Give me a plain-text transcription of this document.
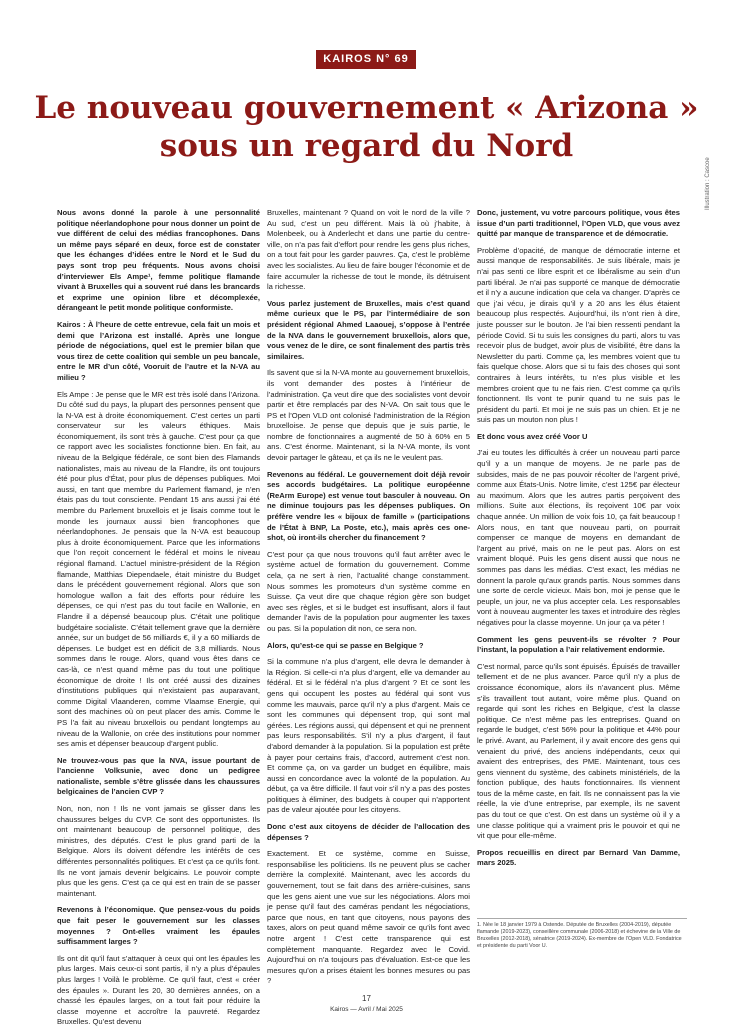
KAIROS N° 69
Le nouveau gouvernement « Arizona »
sous un regard du Nord
Illustration : Cascoe

Nous avons donné la parole à une personnalité politique néerlandophone pour nous donner un point de vue différent de celui des médias francophones. Dans un même pays séparé en deux, force est de constater que les échanges d’idées entre le Nord et le Sud du pays sont trop peu fréquents. Nous avons choisi d’interviewer Els Ampe¹, femme politique flamande vivant à Bruxelles qui a souvent rué dans les brancards et exprime une opinion libre et décomplexée, dérangeant le petit monde politique conformiste.

Kairos : À l’heure de cette entrevue, cela fait un mois et demi que l’Arizona est installé. Après une longue période de négociations, quel est le premier bilan que vous tirez de cette coalition qui semble un peu bancale, entre le MR d’un côté, Vooruit de l’autre et la N-VA au milieu ?

Els Ampe : Je pense que le MR est très isolé dans l’Arizona. Du côté sud du pays, la plupart des personnes pensent que la N-VA est à droite économiquement. C’est certes un parti conservateur sur les valeurs éthiques. Mais économiquement, ils sont très à gauche. C’est pour ça que ce rapport avec les socialistes fonctionne bien. En fait, au niveau de la Belgique fédérale, ce sont bien des Flamands nationalistes, mais au niveau de la Flandre, ils ont toujours été pour plus d’État, pour plus de dépenses publiques. Moi aussi, en tant que membre du Parlement flamand, je n’en étais pas du tout consciente. Pendant 15 ans aussi j’ai été membre du Parlement bruxellois et je lisais comme tout le monde les journaux aussi bien francophones que néerlandophones. Je pensais que la N-VA est beaucoup plus à droite économiquement. Parce que les informations que l’on reçoit concernent le fédéral et moins le niveau régional flamand. L’actuel ministre-président de la Région flamande, Matthias Diependaele, était ministre du Budget dans le précédent gouvernement régional. Alors que son homologue wallon a fait des efforts pour réduire les dépenses, ce qui n’est pas du tout facile en Wallonie, en Flandre il a dépensé beaucoup plus. C’était une politique budgétaire socialiste. C’était tellement grave que la dernière année, sur un budget de 56 milliards €, il y a 60 milliards de dépenses. Le budget est en déficit de 3,8 milliards. Nous sommes dans le rouge. Alors, quand vous êtes dans ce cas-là, ce n’est quand même pas du tout une politique économique de droite ! Ils ont créé aussi des dizaines d’institutions publiques qui n’existaient pas auparavant, comme Digital Vlaanderen, comme Vlaamse Energie, qui sont des machines où on peut placer des amis. Comme le PS l’a fait au niveau bruxellois ou pendant longtemps au niveau de la Wallonie, on crée des institutions pour nommer ses amis et dépenser beaucoup d’argent public.

Ne trouvez-vous pas que la NVA, issue pourtant de l’ancienne Volksunie, avec donc un pedigree nationaliste, semble s’être glissée dans les chaussures belgicaines de l’ancien CVP ?

Non, non, non ! Ils ne vont jamais se glisser dans les chaussures belges du CVP. Ce sont des opportunistes. Ils ont maintenant beaucoup de personnel politique, des ministres, des députés. C’est le plus grand parti de la Belgique. Alors ils doivent défendre les intérêts de ces différentes personnalités politiques. Et c’est ça ce qu’ils font. Ils ne vont jamais devenir belgicains. Le pouvoir compte plus que les gens. C’est ça ce qui est en train de se passer maintenant.

Revenons à l’économique. Que pensez-vous du poids que fait peser le gouvernement sur les classes moyennes ? Ont-elles vraiment les épaules suffisamment larges ?

Ils ont dit qu’il faut s’attaquer à ceux qui ont les épaules les plus larges. Mais ceux-ci sont partis, il n’y a plus d’épaules plus larges ! Voilà le problème. Ce qu’il faut, c’est « créer des épaules ». Durant les 20, 30 dernières années, on a chassé les épaules larges, on a tout fait pour réduire la classe moyenne et accroître la pauvreté. Regardez Bruxelles. Qu’est devenu

Bruxelles, maintenant ? Quand on voit le nord de la ville ? Au sud, c’est un peu différent. Mais là où j’habite, à Molenbeek, ou à Anderlecht et dans une partie du centre-ville, on n’a pas fait d’effort pour rendre les gens plus riches, on a tout fait pour les garder pauvres. Ça, c’est le problème avec les socialistes. Au lieu de faire bouger l’économie et de faire accumuler la richesse de tout le monde, ils détruisent la richesse.

Vous parlez justement de Bruxelles, mais c’est quand même curieux que le PS, par l’intermédiaire de son président régional Ahmed Laaouej, s’oppose à l’entrée de la NVA dans le gouvernement bruxellois, alors que, vous venez de le dire, ce sont finalement des partis très similaires.

Ils savent que si la N-VA monte au gouvernement bruxellois, ils vont demander des postes à l’intérieur de l’administration. Ça veut dire que des socialistes vont devoir partir et être remplacés par des N-VA. On sait tous que le PS et l’Open VLD ont colonisé l’administration de la Région bruxelloise. Je pense que depuis que je suis partie, le nombre de fonctionnaires a augmenté de 50 à 60% en 5 ans. C’est énorme. Maintenant, si la N-VA monte, ils vont devoir partager le gâteau, et ça ils ne le veulent pas.

Revenons au fédéral. Le gouvernement doit déjà revoir ses accords budgétaires. La politique européenne (ReArm Europe) est venue tout basculer à nouveau. On ne diminue toujours pas les dépenses publiques. On préfère vendre les « bijoux de famille » (participations de l’État à BNP, La Poste, etc.), mais après ces one-shot, où iront-ils chercher du financement ?

C’est pour ça que nous trouvons qu’il faut arrêter avec le système actuel de formation du gouvernement. Comme cela, ça ne sert à rien, l’actualité change constamment. Nous sommes les promoteurs d’un système comme en Suisse. Ça veut dire que chaque région gère son budget avec ses règles, et si le budget est insuffisant, alors il faut demander l’avis de la population pour augmenter les taxes ou pas. Si la population dit non, ce sera non.

Alors, qu’est-ce qui se passe en Belgique ?

Si la commune n’a plus d’argent, elle devra le demander à la Région. Si celle-ci n’a plus d’argent, elle va demander au fédéral. Et si le fédéral n’a plus d’argent ? Et ce sont les gens qui occupent les postes au fédéral qui sont vus comme les mauvais, parce qu’il n’y a plus d’argent. Mais ce sont les communes qui dépensent trop, qui sont mal gérées. Les régions aussi, qui dépensent et qui ne prennent pas leurs responsabilités. S’il n’y a plus d’argent, il faut d’abord demander à la population. Si la population est prête à payer pour certains frais, d’accord, autrement c’est non. Et comme ça, on va garder un budget en équilibre, mais aussi en concordance avec la volonté de la population. Au début, ça va être difficile. Il faut voir s’il n’y a pas des postes politiques à éliminer, des budgets à couper qui n’apportent pas de valeur ajoutée pour les citoyens.

Donc c’est aux citoyens de décider de l’allocation des dépenses ?

Exactement. Et ce système, comme en Suisse, responsabilise les politiciens. Ils ne peuvent plus se cacher derrière la complexité. Maintenant, avec les accords du gouvernement, tout se fait dans des arrière-cuisines, sans que les gens aient une vue sur les négociations. Alors moi je pense qu’il faut des caméras pendant les négociations, parce que nous, en tant que citoyens, nous payons des taxes, alors on peut quand même savoir ce qu’ils font avec notre argent ! C’est cette transparence qui est complètement manquante. Regardez avec le Covid. Aujourd’hui on n’a toujours pas d’évaluation. Est-ce que les mesures qu’on a prises étaient les bonnes mesures ou pas ?

Donc, justement, vu votre parcours politique, vous êtes issue d’un parti traditionnel, l’Open VLD, que vous avez quitté par manque de transparence et de démocratie.

Problème d’opacité, de manque de démocratie interne et aussi manque de responsabilités. Je suis libérale, mais je n’ai pas senti ce libre esprit et ce libéralisme au sein d’un parti libéral. Je n’ai pas supporté ce manque de démocratie et il n’y a aucune indication que cela va changer. D’après ce que j’ai vécu, je dirais qu’il y a 20 ans les élus étaient beaucoup plus respectés. Aujourd’hui, ils n’ont rien à dire, juste pousser sur le bouton. Je l’ai bien ressenti pendant la période Covid. Si tu suis les consignes du parti, alors tu vas recevoir plus de budget, avoir plus de visibilité, être dans la Newsletter du parti. Comme ça, les membres voient que tu fais quelque chose. Alors que si tu fais des choses qui sont contraires à leurs intérêts, tu n’es plus visible et les membres croient que tu ne fais rien. C’est comme ça qu’ils fonctionnent. Ils vont te punir quand tu ne suis pas le président du parti. Et moi je ne suis pas un chien. Et je ne suis pas un mouton non plus !

Et donc vous avez créé Voor U

J’ai eu toutes les difficultés à créer un nouveau parti parce qu’il y a un manque de moyens. Je ne parle pas de subsides, mais de ne pas pouvoir récolter de l’argent privé, comme aux États-Unis. Notre limite, c’est 125€ par électeur au maximum. Alors que les autres partis perçoivent des millions. Suite aux élections, ils reçoivent 10€ par voix chaque année. Un million de voix fois 10, ça fait beaucoup ! Alors nous, en tant que nouveau parti, on pourrait compenser ce manque de moyens en demandant de l’argent au privé, mais on ne le peut pas. Alors on est vraiment bloqué. Puis les gens disent aussi que nous ne sommes pas dans les médias. C’est exact, les médias ne donnent la parole qu’aux grands partis. Nous sommes dans une sorte de cercle vicieux. Mais bon, moi je pense que le peuple, un jour, ne va plus accepter cela. Les responsables vont à nouveau augmenter les taxes et introduire des règles négatives pour la classe moyenne. Un jour ça va péter !

Comment les gens peuvent-ils se révolter ? Pour l’instant, la population a l’air relativement endormie.

C’est normal, parce qu’ils sont épuisés. Épuisés de travailler tellement et de ne plus avancer. Parce qu’il n’y a plus de croissance économique, alors ils n’avancent plus. Même s’ils travaillent tout autant, voire même plus. Quand on regarde qui sont les riches en Belgique, c’est la classe politique. Ce n’est même pas les entreprises. Quand on regarde le budget, c’est 56% pour la politique et 44% pour le privé. Avant, au Parlement, il y avait encore des gens qui venaient du privé, des anciens indépendants, ceux qui avaient des entreprises, des PME. Maintenant, tous ces gens viennent du système, des cabinets ministériels, de la fonction publique, des hauts fonctionnaires. Ils viennent tous de la même caste, en fait. Ils ne connaissent pas la vie réelle, la vie d’une entreprise, par exemple, ils ne savent pas du tout ce que c’est. On est dans un système où il y a une classe politique qui a vraiment pris le pouvoir et qui ne vit que pour elle-même.

Propos recueillis en direct par Bernard Van Damme, mars 2025.

1. Née le 18 janvier 1979 à Ostende. Députée de Bruxelles (2004-2019), députée flamande (2019-2023), conseillère communale (2006-2018) et échevine de la Ville de Bruxelles (2012-2018), sénatrice (2019-2024). Ex-membre de l’Open VLD. Fondatrice et présidente du parti Voor U.
17
Kairos — Avril / Mai 2025
